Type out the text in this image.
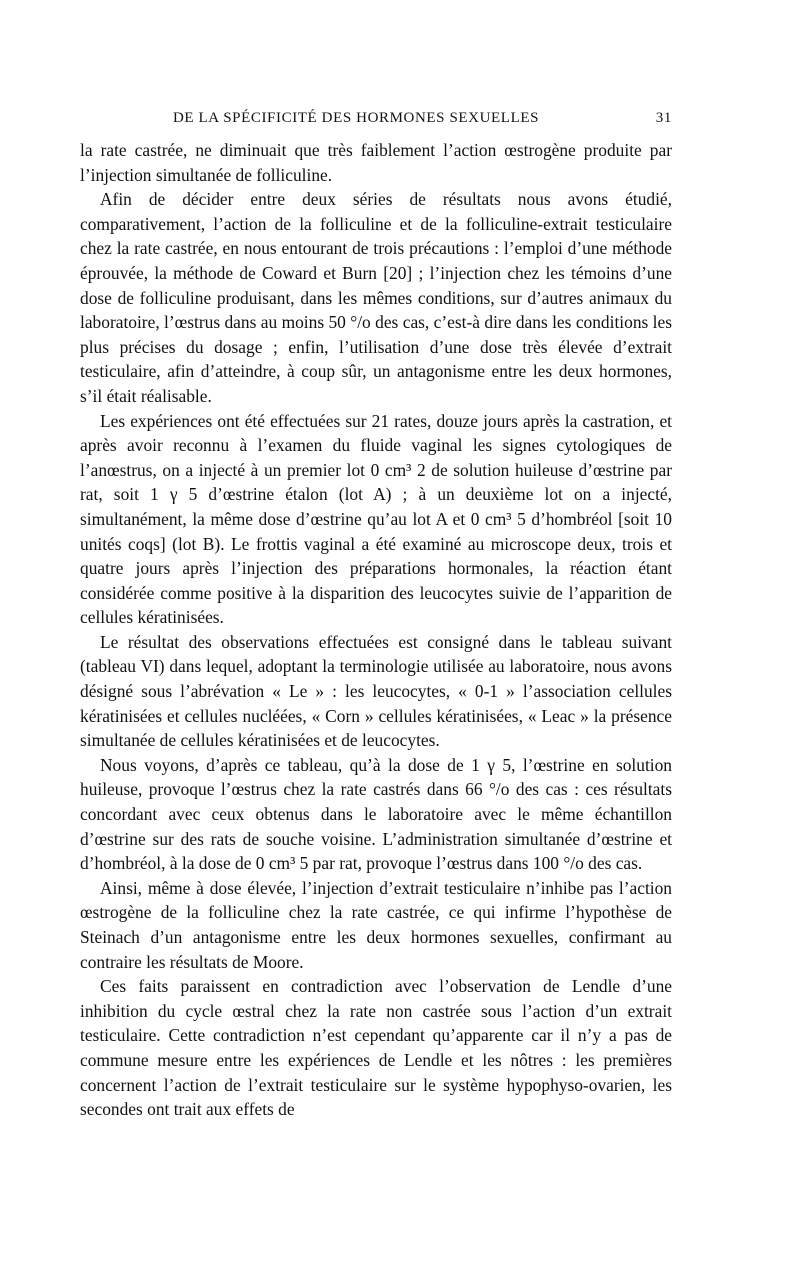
DE LA SPÉCIFICITÉ DES HORMONES SEXUELLES	31

la rate castrée, ne diminuait que très faiblement l’action œstrogène produite par l’injection simultanée de folliculine.

Afin de décider entre deux séries de résultats nous avons étudié, comparativement, l’action de la folliculine et de la folliculine-extrait testiculaire chez la rate castrée, en nous entourant de trois précautions : l’emploi d’une méthode éprouvée, la méthode de Coward et Burn [20] ; l’injection chez les témoins d’une dose de folliculine produisant, dans les mêmes conditions, sur d’autres animaux du laboratoire, l’œstrus dans au moins 50 °/o des cas, c’est-à dire dans les conditions les plus précises du dosage ; enfin, l’utilisation d’une dose très élevée d’extrait testiculaire, afin d’atteindre, à coup sûr, un antagonisme entre les deux hormones, s’il était réalisable.

Les expériences ont été effectuées sur 21 rates, douze jours après la castration, et après avoir reconnu à l’examen du fluide vaginal les signes cytologiques de l’anœstrus, on a injecté à un premier lot 0 cm³ 2 de solution huileuse d’œstrine par rat, soit 1 γ 5 d’œstrine étalon (lot A) ; à un deuxième lot on a injecté, simultanément, la même dose d’œstrine qu’au lot A et 0 cm³ 5 d’hombréol [soit 10 unités coqs] (lot B). Le frottis vaginal a été examiné au microscope deux, trois et quatre jours après l’injection des préparations hormonales, la réaction étant considérée comme positive à la disparition des leucocytes suivie de l’apparition de cellules kératinisées.

Le résultat des observations effectuées est consigné dans le tableau suivant (tableau VI) dans lequel, adoptant la terminologie utilisée au laboratoire, nous avons désigné sous l’abrévation « Le » : les leucocytes, « 0-1 » l’association cellules kératinisées et cellules nucléées, « Corn » cellules kératinisées, « Leac » la présence simultanée de cellules kératinisées et de leucocytes.

Nous voyons, d’après ce tableau, qu’à la dose de 1 γ 5, l’œstrine en solution huileuse, provoque l’œstrus chez la rate castrés dans 66 °/o des cas : ces résultats concordant avec ceux obtenus dans le laboratoire avec le même échantillon d’œstrine sur des rats de souche voisine. L’administration simultanée d’œstrine et d’hombréol, à la dose de 0 cm³ 5 par rat, provoque l’œstrus dans 100 °/o des cas.

Ainsi, même à dose élevée, l’injection d’extrait testiculaire n’inhibe pas l’action œstrogène de la folliculine chez la rate castrée, ce qui infirme l’hypothèse de Steinach d’un antagonisme entre les deux hormones sexuelles, confirmant au contraire les résultats de Moore.

Ces faits paraissent en contradiction avec l’observation de Lendle d’une inhibition du cycle œstral chez la rate non castrée sous l’action d’un extrait testiculaire. Cette contradiction n’est cependant qu’apparente car il n’y a pas de commune mesure entre les expériences de Lendle et les nôtres : les premières concernent l’action de l’extrait testiculaire sur le système hypophyso-ovarien, les secondes ont trait aux effets de
